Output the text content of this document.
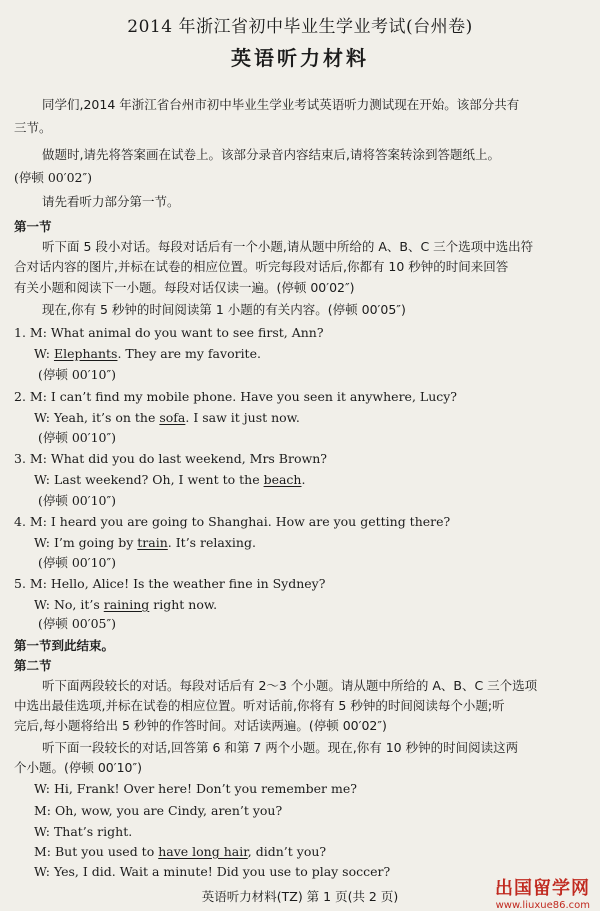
2014 年浙江省初中毕业生学业考试(台州卷)
英语听力材料
同学们,2014 年浙江省台州市初中毕业生学业考试英语听力测试现在开始。该部分共有
三节。
做题时,请先将答案画在试卷上。该部分录音内容结束后,请将答案转涂到答题纸上。
(停顿 00′02″)
请先看听力部分第一节。
第一节
听下面 5 段小对话。每段对话后有一个小题,请从题中所给的 A、B、C 三个选项中选出符
合对话内容的图片,并标在试卷的相应位置。听完每段对话后,你都有 10 秒钟的时间来回答
有关小题和阅读下一小题。每段对话仅读一遍。(停顿 00′02″)
现在,你有 5 秒钟的时间阅读第 1 小题的有关内容。(停顿 00′05″)
1. M: What animal do you want to see first, Ann?
W: Elephants. They are my favorite.
(停顿 00′10″)
2. M: I can’t find my mobile phone. Have you seen it anywhere, Lucy?
W: Yeah, it’s on the sofa. I saw it just now.
(停顿 00′10″)
3. M: What did you do last weekend, Mrs Brown?
W: Last weekend? Oh, I went to the beach.
(停顿 00′10″)
4. M: I heard you are going to Shanghai. How are you getting there?
W: I’m going by train. It’s relaxing.
(停顿 00′10″)
5. M: Hello, Alice! Is the weather fine in Sydney?
W: No, it’s raining right now.
(停顿 00′05″)
第一节到此结束。
第二节
听下面两段较长的对话。每段对话后有 2～3 个小题。请从题中所给的 A、B、C 三个选项
中选出最佳选项,并标在试卷的相应位置。听对话前,你将有 5 秒钟的时间阅读每个小题;听
完后,每小题将给出 5 秒钟的作答时间。对话读两遍。(停顿 00′02″)
听下面一段较长的对话,回答第 6 和第 7 两个小题。现在,你有 10 秒钟的时间阅读这两
个小题。(停顿 00′10″)
W: Hi, Frank! Over here! Don’t you remember me?
M: Oh, wow, you are Cindy, aren’t you?
W: That’s right.
M: But you used to have long hair, didn’t you?
W: Yes, I did. Wait a minute! Did you use to play soccer?
英语听力材料(TZ) 第 1 页(共 2 页)	出国留学网
www.liuxue86.com
